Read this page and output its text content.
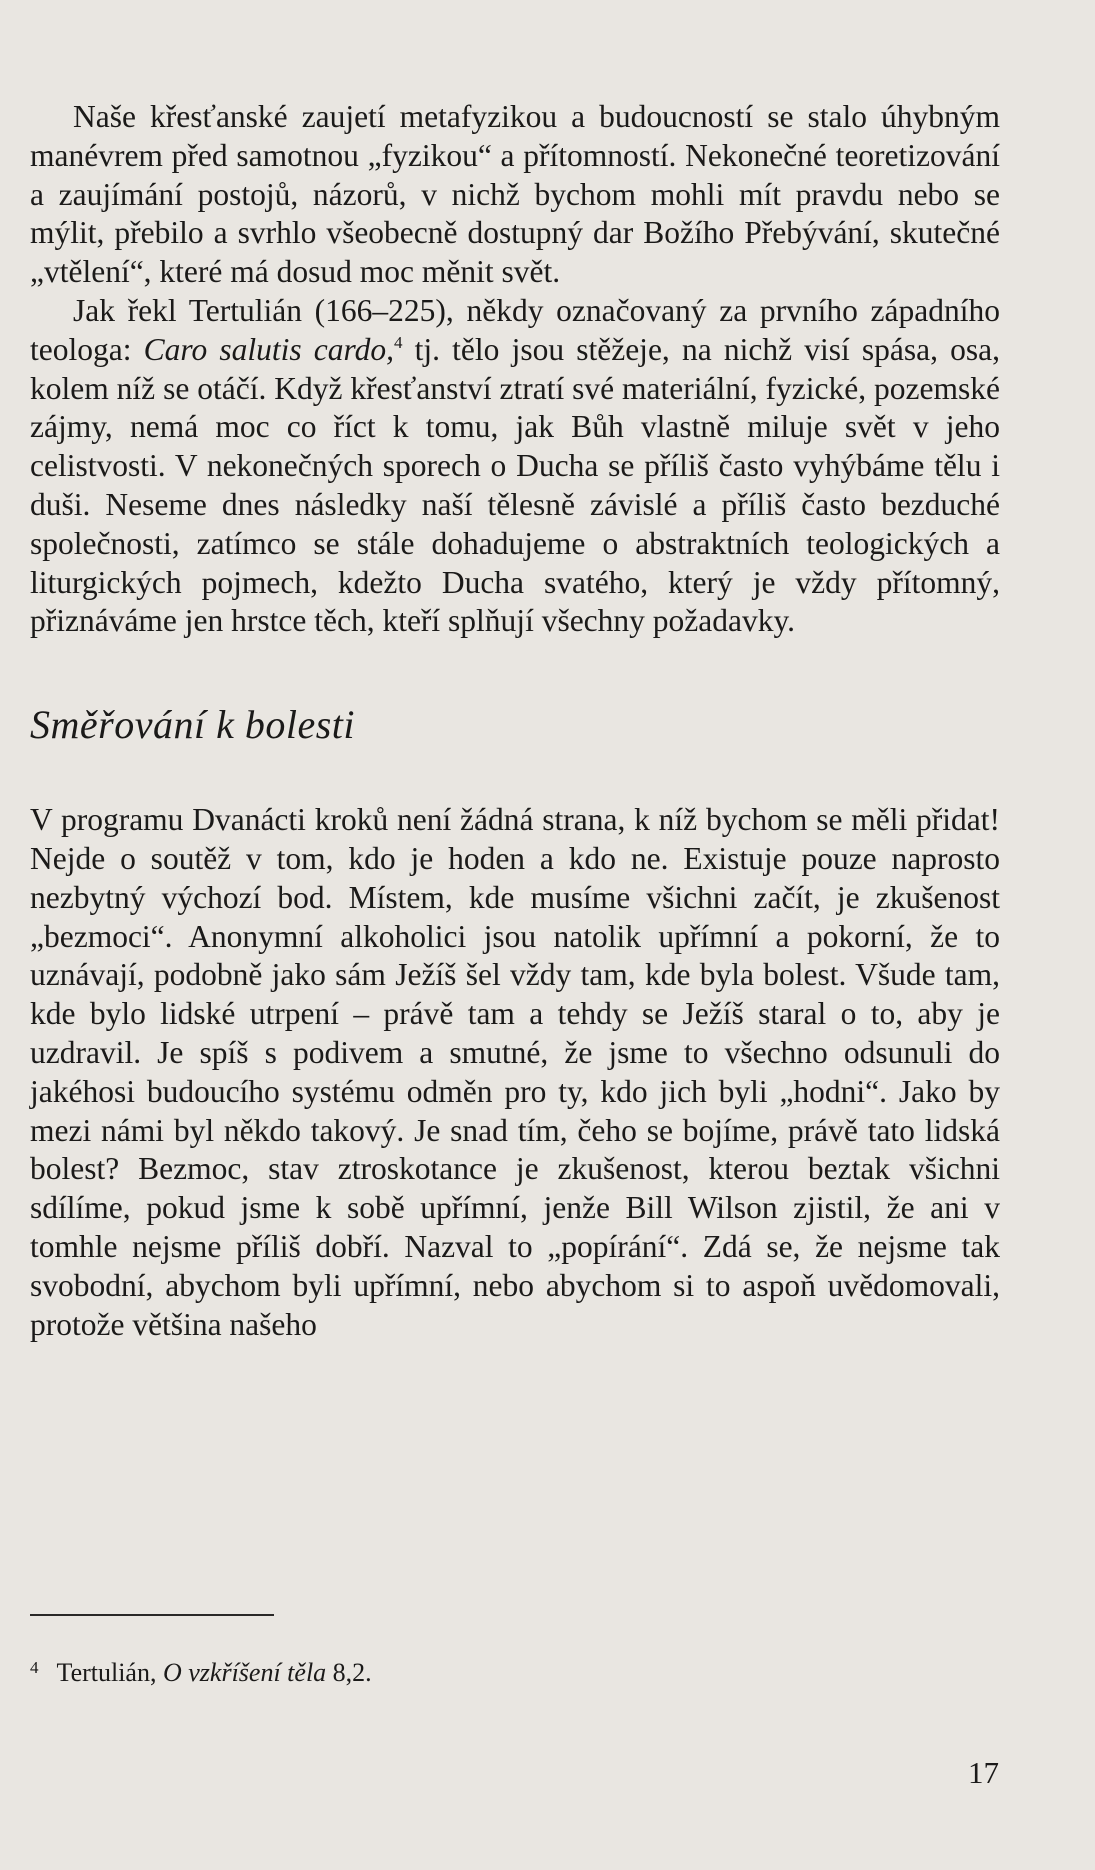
Naše křesťanské zaujetí metafyzikou a budoucností se stalo úhybným manévrem před samotnou „fyzikou“ a přítomností. Nekonečné teoretizování a zaujímání postojů, názorů, v nichž bychom mohli mít pravdu nebo se mýlit, přebilo a svrhlo všeobecně dostupný dar Božího Přebývání, skutečné „vtělení“, které má dosud moc měnit svět.

Jak řekl Tertulián (166–225), někdy označovaný za prvního západního teologa: Caro salutis cardo,$^4$ tj. tělo jsou stěžeje, na nichž visí spása, osa, kolem níž se otáčí. Když křesťanství ztratí své materiální, fyzické, pozemské zájmy, nemá moc co říct k tomu, jak Bůh vlastně miluje svět v jeho celistvosti. V nekonečných sporech o Ducha se příliš často vyhýbáme tělu i duši. Neseme dnes následky naší tělesně závislé a příliš často bezduché společnosti, zatímco se stále dohadujeme o abstraktních teologických a liturgických pojmech, kdežto Ducha svatého, který je vždy přítomný, přiznáváme jen hrstce těch, kteří splňují všechny požadavky.

Směřování k bolesti

V programu Dvanácti kroků není žádná strana, k níž bychom se měli přidat! Nejde o soutěž v tom, kdo je hoden a kdo ne. Existuje pouze naprosto nezbytný výchozí bod. Místem, kde musíme všichni začít, je zkušenost „bezmoci“. Anonymní alkoholici jsou natolik upřímní a pokorní, že to uznávají, podobně jako sám Ježíš šel vždy tam, kde byla bolest. Všude tam, kde bylo lidské utrpení – právě tam a tehdy se Ježíš staral o to, aby je uzdravil. Je spíš s podivem a smutné, že jsme to všechno odsunuli do jakéhosi budoucího systému odměn pro ty, kdo jich byli „hodni“. Jako by mezi námi byl někdo takový. Je snad tím, čeho se bojíme, právě tato lidská bolest? Bezmoc, stav ztroskotance je zkušenost, kterou beztak všichni sdílíme, pokud jsme k sobě upřímní, jenže Bill Wilson zjistil, že ani v tomhle nejsme příliš dobří. Nazval to „popírání“. Zdá se, že nejsme tak svobodní, abychom byli upřímní, nebo abychom si to aspoň uvědomovali, protože většina našeho

$^4$ Tertulián, O vzkříšení těla 8,2.
17
